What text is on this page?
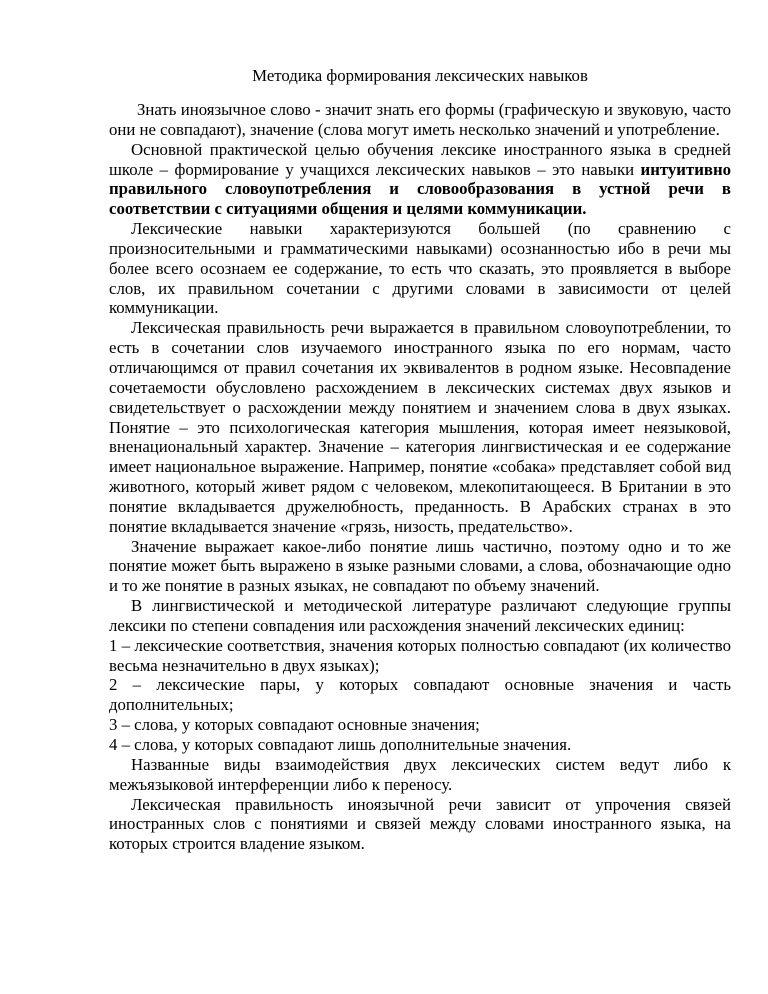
Методика формирования лексических навыков

Знать иноязычное слово - значит знать его формы (графическую и звуковую, часто они не совпадают), значение (слова могут иметь несколько значений и употребление.

Основной практической целью обучения лексике иностранного языка в средней школе – формирование у учащихся лексических навыков – это навыки интуитивно правильного словоупотребления и словообразования в устной речи в соответствии с ситуациями общения и целями коммуникации.

Лексические навыки характеризуются большей (по сравнению с произносительными и грамматическими навыками) осознанностью ибо в речи мы более всего осознаем ее содержание, то есть что сказать, это проявляется в выборе слов, их правильном сочетании с другими словами в зависимости от целей коммуникации.

Лексическая правильность речи выражается в правильном словоупотреблении, то есть в сочетании слов изучаемого иностранного языка по его нормам, часто отличающимся от правил сочетания их эквивалентов в родном языке. Несовпадение сочетаемости обусловлено расхождением в лексических системах двух языков и свидетельствует о расхождении между понятием и значением слова в двух языках. Понятие – это психологическая категория мышления, которая имеет неязыковой, вненациональный характер. Значение – категория лингвистическая и ее содержание имеет национальное выражение. Например, понятие «собака» представляет собой вид животного, который живет рядом с человеком, млекопитающееся. В Британии в это понятие вкладывается дружелюбность, преданность. В Арабских странах в это понятие вкладывается значение «грязь, низость, предательство».

Значение выражает какое-либо понятие лишь частично, поэтому одно и то же понятие может быть выражено в языке разными словами, а слова, обозначающие одно и то же понятие в разных языках, не совпадают по объему значений.

В лингвистической и методической литературе различают следующие группы лексики по степени совпадения или расхождения значений лексических единиц:

1 – лексические соответствия, значения которых полностью совпадают (их количество весьма незначительно в двух языках);

2 – лексические пары, у которых совпадают основные значения и часть дополнительных;

3 – слова, у которых совпадают основные значения;

4 – слова, у которых совпадают лишь дополнительные значения.

Названные виды взаимодействия двух лексических систем ведут либо к межъязыковой интерференции либо к переносу.

Лексическая правильность иноязычной речи зависит от упрочения связей иностранных слов с понятиями и связей между словами иностранного языка, на которых строится владение языком.
